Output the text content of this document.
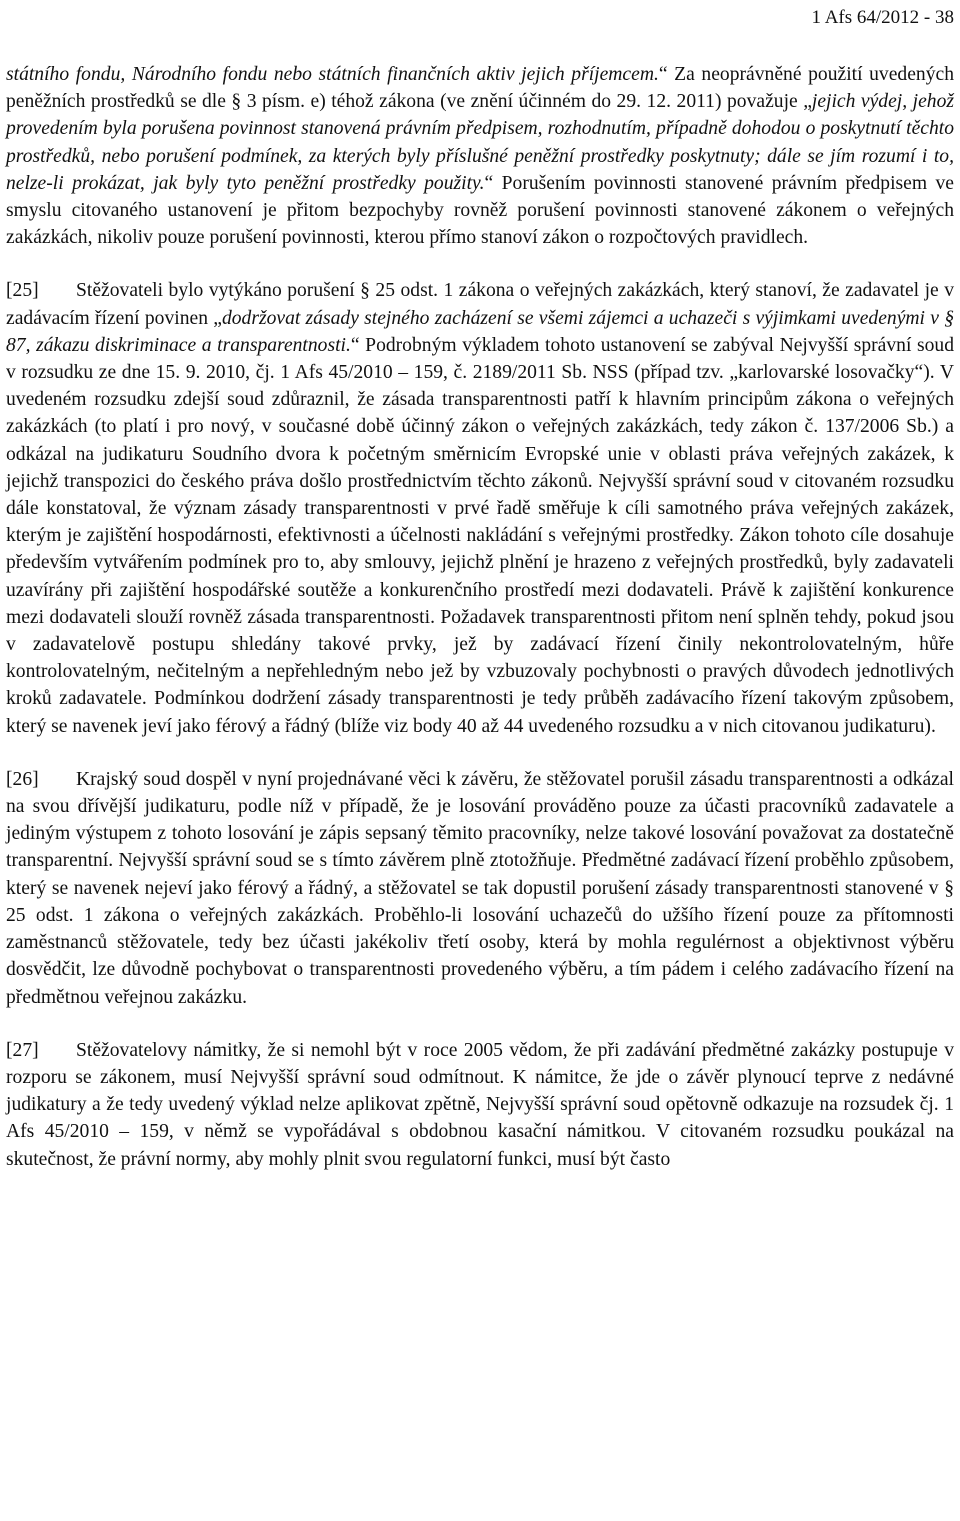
1 Afs 64/2012 - 38

státního fondu, Národního fondu nebo státních finančních aktiv jejich příjemcem.“ Za neoprávněné použití uvedených peněžních prostředků se dle § 3 písm. e) téhož zákona (ve znění účinném do 29. 12. 2011) považuje „jejich výdej, jehož provedením byla porušena povinnost stanovená právním předpisem, rozhodnutím, případně dohodou o poskytnutí těchto prostředků, nebo porušení podmínek, za kterých byly příslušné peněžní prostředky poskytnuty; dále se jím rozumí i to, nelze-li prokázat, jak byly tyto peněžní prostředky použity.“ Porušením povinnosti stanovené právním předpisem ve smyslu citovaného ustanovení je přitom bezpochyby rovněž porušení povinnosti stanovené zákonem o veřejných zakázkách, nikoliv pouze porušení povinnosti, kterou přímo stanoví zákon o rozpočtových pravidlech.

[25] Stěžovateli bylo vytýkáno porušení § 25 odst. 1 zákona o veřejných zakázkách, který stanoví, že zadavatel je v zadávacím řízení povinen „dodržovat zásady stejného zacházení se všemi zájemci a uchazeči s výjimkami uvedenými v § 87, zákazu diskriminace a transparentnosti.“ Podrobným výkladem tohoto ustanovení se zabýval Nejvyšší správní soud v rozsudku ze dne 15. 9. 2010, čj. 1 Afs 45/2010 – 159, č. 2189/2011 Sb. NSS (případ tzv. „karlovarské losovačky“). V uvedeném rozsudku zdejší soud zdůraznil, že zásada transparentnosti patří k hlavním principům zákona o veřejných zakázkách (to platí i pro nový, v současné době účinný zákon o veřejných zakázkách, tedy zákon č. 137/2006 Sb.) a odkázal na judikaturu Soudního dvora k početným směrnicím Evropské unie v oblasti práva veřejných zakázek, k jejichž transpozici do českého práva došlo prostřednictvím těchto zákonů. Nejvyšší správní soud v citovaném rozsudku dále konstatoval, že význam zásady transparentnosti v prvé řadě směřuje k cíli samotného práva veřejných zakázek, kterým je zajištění hospodárnosti, efektivnosti a účelnosti nakládání s veřejnými prostředky. Zákon tohoto cíle dosahuje především vytvářením podmínek pro to, aby smlouvy, jejichž plnění je hrazeno z veřejných prostředků, byly zadavateli uzavírány při zajištění hospodářské soutěže a konkurenčního prostředí mezi dodavateli. Právě k zajištění konkurence mezi dodavateli slouží rovněž zásada transparentnosti. Požadavek transparentnosti přitom není splněn tehdy, pokud jsou v zadavatelově postupu shledány takové prvky, jež by zadávací řízení činily nekontrolovatelným, hůře kontrolovatelným, nečitelným a nepřehledným nebo jež by vzbuzovaly pochybnosti o pravých důvodech jednotlivých kroků zadavatele. Podmínkou dodržení zásady transparentnosti je tedy průběh zadávacího řízení takovým způsobem, který se navenek jeví jako férový a řádný (blíže viz body 40 až 44 uvedeného rozsudku a v nich citovanou judikaturu).

[26] Krajský soud dospěl v nyní projednávané věci k závěru, že stěžovatel porušil zásadu transparentnosti a odkázal na svou dřívější judikaturu, podle níž v případě, že je losování prováděno pouze za účasti pracovníků zadavatele a jediným výstupem z tohoto losování je zápis sepsaný těmito pracovníky, nelze takové losování považovat za dostatečně transparentní. Nejvyšší správní soud se s tímto závěrem plně ztotožňuje. Předmětné zadávací řízení proběhlo způsobem, který se navenek nejeví jako férový a řádný, a stěžovatel se tak dopustil porušení zásady transparentnosti stanovené v § 25 odst. 1 zákona o veřejných zakázkách. Proběhlo-li losování uchazečů do užšího řízení pouze za přítomnosti zaměstnanců stěžovatele, tedy bez účasti jakékoliv třetí osoby, která by mohla regulérnost a objektivnost výběru dosvědčit, lze důvodně pochybovat o transparentnosti provedeného výběru, a tím pádem i celého zadávacího řízení na předmětnou veřejnou zakázku.

[27] Stěžovatelovy námitky, že si nemohl být v roce 2005 vědom, že při zadávání předmětné zakázky postupuje v rozporu se zákonem, musí Nejvyšší správní soud odmítnout. K námitce, že jde o závěr plynoucí teprve z nedávné judikatury a že tedy uvedený výklad nelze aplikovat zpětně, Nejvyšší správní soud opětovně odkazuje na rozsudek čj. 1 Afs 45/2010 – 159, v němž se vypořádával s obdobnou kasační námitkou. V citovaném rozsudku poukázal na skutečnost, že právní normy, aby mohly plnit svou regulatorní funkci, musí být často
